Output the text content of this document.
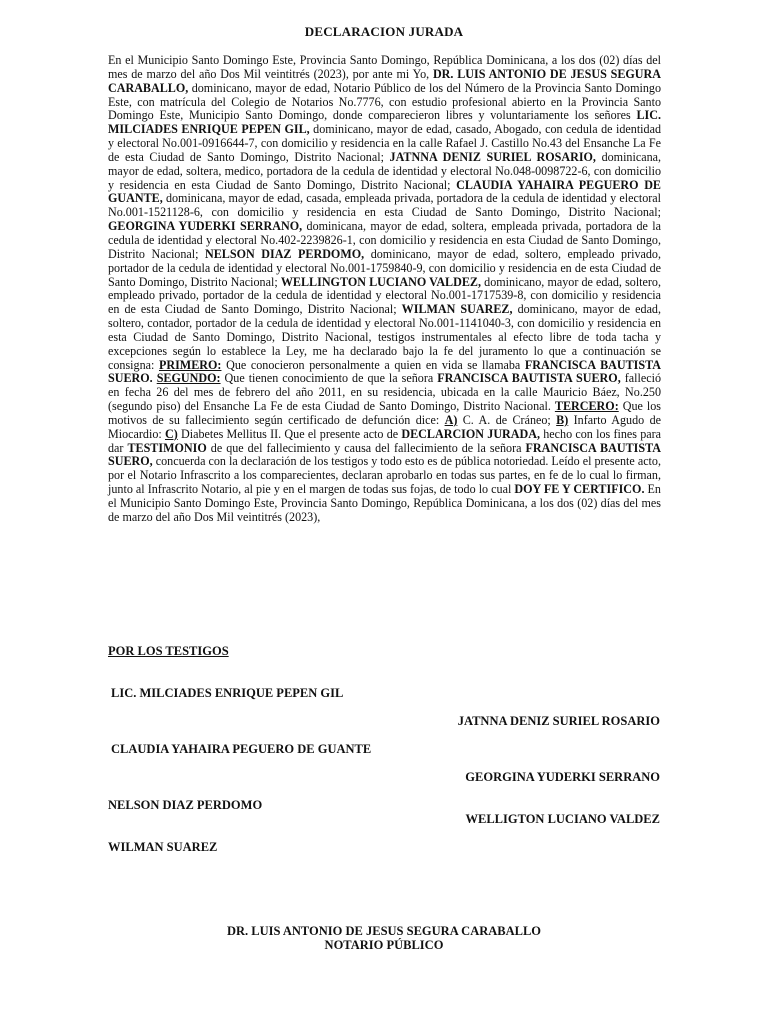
DECLARACION JURADA

En el Municipio Santo Domingo Este, Provincia Santo Domingo, República Dominicana, a los dos (02) días del mes de marzo del año Dos Mil veintitrés (2023), por ante mi Yo, DR. LUIS ANTONIO DE JESUS SEGURA CARABALLO, dominicano, mayor de edad, Notario Público de los del Número de la Provincia Santo Domingo Este, con matrícula del Colegio de Notarios No.7776, con estudio profesional abierto en la Provincia Santo Domingo Este, Municipio Santo Domingo, donde comparecieron libres y voluntariamente los señores LIC. MILCIADES ENRIQUE PEPEN GIL, dominicano, mayor de edad, casado, Abogado, con cedula de identidad y electoral No.001-0916644-7, con domicilio y residencia en la calle Rafael J. Castillo No.43 del Ensanche La Fe de esta Ciudad de Santo Domingo, Distrito Nacional; JATNNA DENIZ SURIEL ROSARIO, dominicana, mayor de edad, soltera, medico, portadora de la cedula de identidad y electoral No.048-0098722-6, con domicilio y residencia en esta Ciudad de Santo Domingo, Distrito Nacional; CLAUDIA YAHAIRA PEGUERO DE GUANTE, dominicana, mayor de edad, casada, empleada privada, portadora de la cedula de identidad y electoral No.001-1521128-6, con domicilio y residencia en esta Ciudad de Santo Domingo, Distrito Nacional; GEORGINA YUDERKI SERRANO, dominicana, mayor de edad, soltera, empleada privada, portadora de la cedula de identidad y electoral No.402-2239826-1, con domicilio y residencia en esta Ciudad de Santo Domingo, Distrito Nacional; NELSON DIAZ PERDOMO, dominicano, mayor de edad, soltero, empleado privado, portador de la cedula de identidad y electoral No.001-1759840-9, con domicilio y residencia en de esta Ciudad de Santo Domingo, Distrito Nacional; WELLINGTON LUCIANO VALDEZ, dominicano, mayor de edad, soltero, empleado privado, portador de la cedula de identidad y electoral No.001-1717539-8, con domicilio y residencia en de esta Ciudad de Santo Domingo, Distrito Nacional; WILMAN SUAREZ, dominicano, mayor de edad, soltero, contador, portador de la cedula de identidad y electoral No.001-1141040-3, con domicilio y residencia en esta Ciudad de Santo Domingo, Distrito Nacional, testigos instrumentales al efecto libre de toda tacha y excepciones según lo establece la Ley, me ha declarado bajo la fe del juramento lo que a continuación se consigna: PRIMERO: Que conocieron personalmente a quien en vida se llamaba FRANCISCA BAUTISTA SUERO. SEGUNDO: Que tienen conocimiento de que la señora FRANCISCA BAUTISTA SUERO, falleció en fecha 26 del mes de febrero del año 2011, en su residencia, ubicada en la calle Mauricio Báez, No.250 (segundo piso) del Ensanche La Fe de esta Ciudad de Santo Domingo, Distrito Nacional. TERCERO: Que los motivos de su fallecimiento según certificado de defunción dice: A) C. A. de Cráneo; B) Infarto Agudo de Miocardio: C) Diabetes Mellitus II. Que el presente acto de DECLARCION JURADA, hecho con los fines para dar TESTIMONIO de que del fallecimiento y causa del fallecimiento de la señora FRANCISCA BAUTISTA SUERO, concuerda con la declaración de los testigos y todo esto es de pública notoriedad. Leído el presente acto, por el Notario Infrascrito a los comparecientes, declaran aprobarlo en todas sus partes, en fe de lo cual lo firman, junto al Infrascrito Notario, al pie y en el margen de todas sus fojas, de todo lo cual DOY FE Y CERTIFICO. En el Municipio Santo Domingo Este, Provincia Santo Domingo, República Dominicana, a los dos (02) días del mes de marzo del año Dos Mil veintitrés (2023),

POR LOS TESTIGOS
LIC. MILCIADES ENRIQUE PEPEN GIL
JATNNA DENIZ SURIEL ROSARIO
CLAUDIA YAHAIRA PEGUERO DE GUANTE
GEORGINA YUDERKI SERRANO
NELSON DIAZ PERDOMO
WELLIGTON LUCIANO VALDEZ
WILMAN SUAREZ
DR. LUIS ANTONIO DE JESUS SEGURA CARABALLO
NOTARIO PÚBLICO
